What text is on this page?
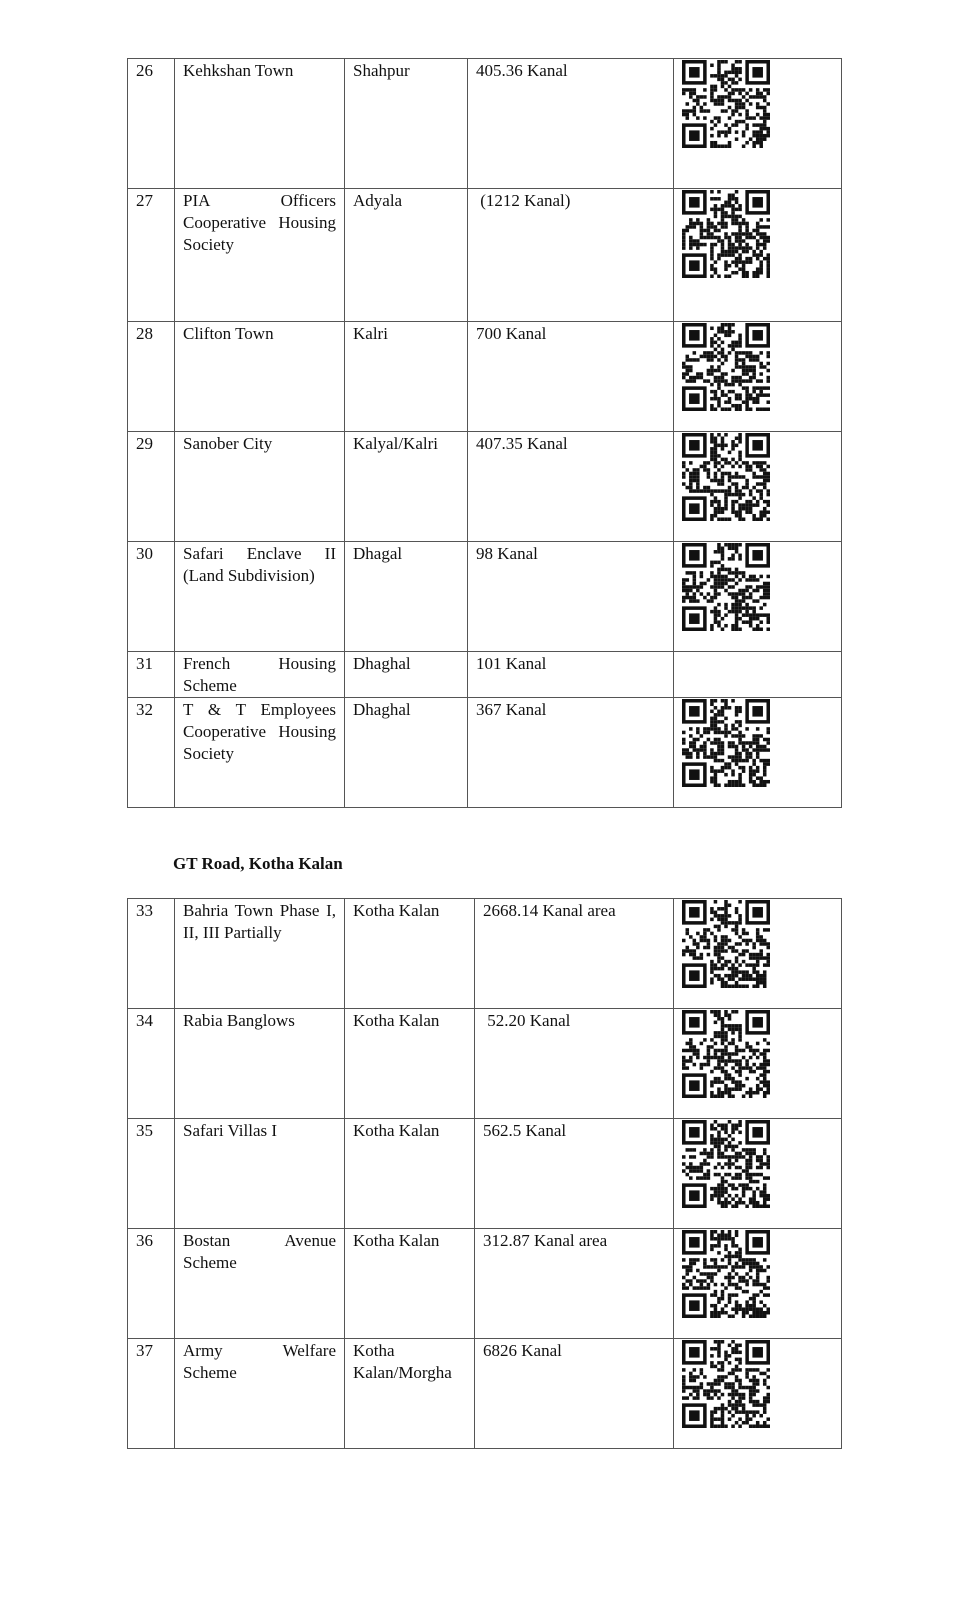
26	Kehkshan Town	Shahpur	405.36 Kanal	

27	PIA Officers Cooperative Housing Society	Adyala	(1212 Kanal)	

28	Clifton Town	Kalri	700 Kanal	

29	Sanober City	Kalyal/Kalri	407.35 Kanal	

30	Safari Enclave II (Land Subdivision)	Dhagal	98 Kanal	

31	French Housing Scheme	Dhaghal	101 Kanal	
32	T & T Employees Cooperative Housing Society	Dhaghal	367 Kanal	

GT Road, Kotha Kalan

33	Bahria Town Phase I, II, III Partially	Kotha Kalan	2668.14 Kanal area	

34	Rabia Banglows	Kotha Kalan	52.20 Kanal	

35	Safari Villas I	Kotha Kalan	562.5 Kanal	

36	Bostan Avenue Scheme	Kotha Kalan	312.87 Kanal area	

37	Army Welfare Scheme	Kotha Kalan/Morgha	6826 Kanal	
